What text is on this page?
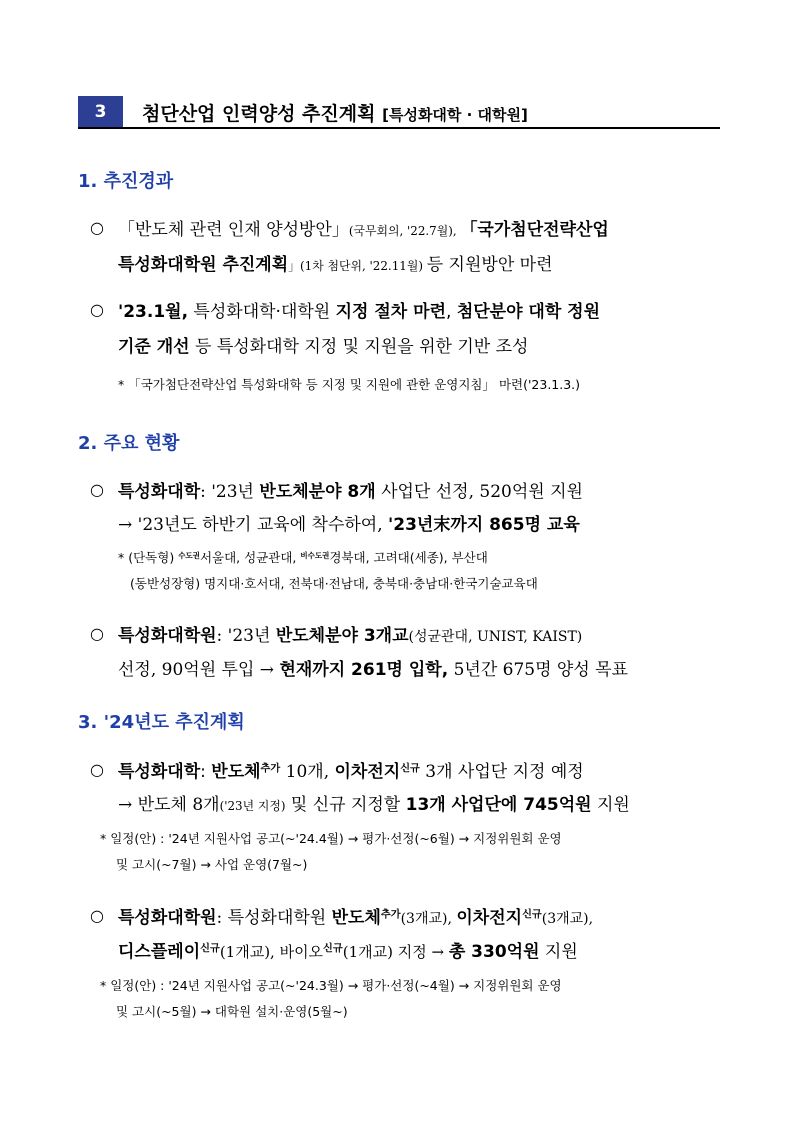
3 첨단산업 인력양성 추진계획 [특성화대학 · 대학원]
1. 추진경과
○ 「반도체 관련 인재 양성방안」(국무회의, '22.7월), 「국가첨단전략산업
특성화대학원 추진계획」(1차 첨단위, '22.11월) 등 지원방안 마련
○ '23.1월, 특성화대학·대학원 지정 절차 마련, 첨단분야 대학 정원
기준 개선 등 특성화대학 지정 및 지원을 위한 기반 조성
* 「국가첨단전략산업 특성화대학 등 지정 및 지원에 관한 운영지침」 마련('23.1.3.)
2. 주요 현황
○ 특성화대학: '23년 반도체분야 8개 사업단 선정, 520억원 지원
→ '23년도 하반기 교육에 착수하여, '23년末까지 865명 교육
* (단독형) $^{수도권}$서울대, 성균관대, $^{비수도권}$경북대, 고려대(세종), 부산대
(동반성장형) 명지대·호서대, 전북대·전남대, 충북대·충남대·한국기술교육대
○ 특성화대학원: '23년 반도체분야 3개교(성균관대, UNIST, KAIST)
선정, 90억원 투입 → 현재까지 261명 입학, 5년간 675명 양성 목표
3. '24년도 추진계획
○ 특성화대학: 반도체$^{추가}$ 10개, 이차전지$^{신규}$ 3개 사업단 지정 예정
→ 반도체 8개('23년 지정) 및 신규 지정할 13개 사업단에 745억원 지원
* 일정(안) : '24년 지원사업 공고(~'24.4월) → 평가·선정(~6월) → 지정위원회 운영
및 고시(~7월) → 사업 운영(7월~)
○ 특성화대학원: 특성화대학원 반도체$^{추가}$(3개교), 이차전지$^{신규}$(3개교),
디스플레이$^{신규}$(1개교), 바이오$^{신규}$(1개교) 지정 → 총 330억원 지원
* 일정(안) : '24년 지원사업 공고(~'24.3월) → 평가·선정(~4월) → 지정위원회 운영
및 고시(~5월) → 대학원 설치·운영(5월~)
